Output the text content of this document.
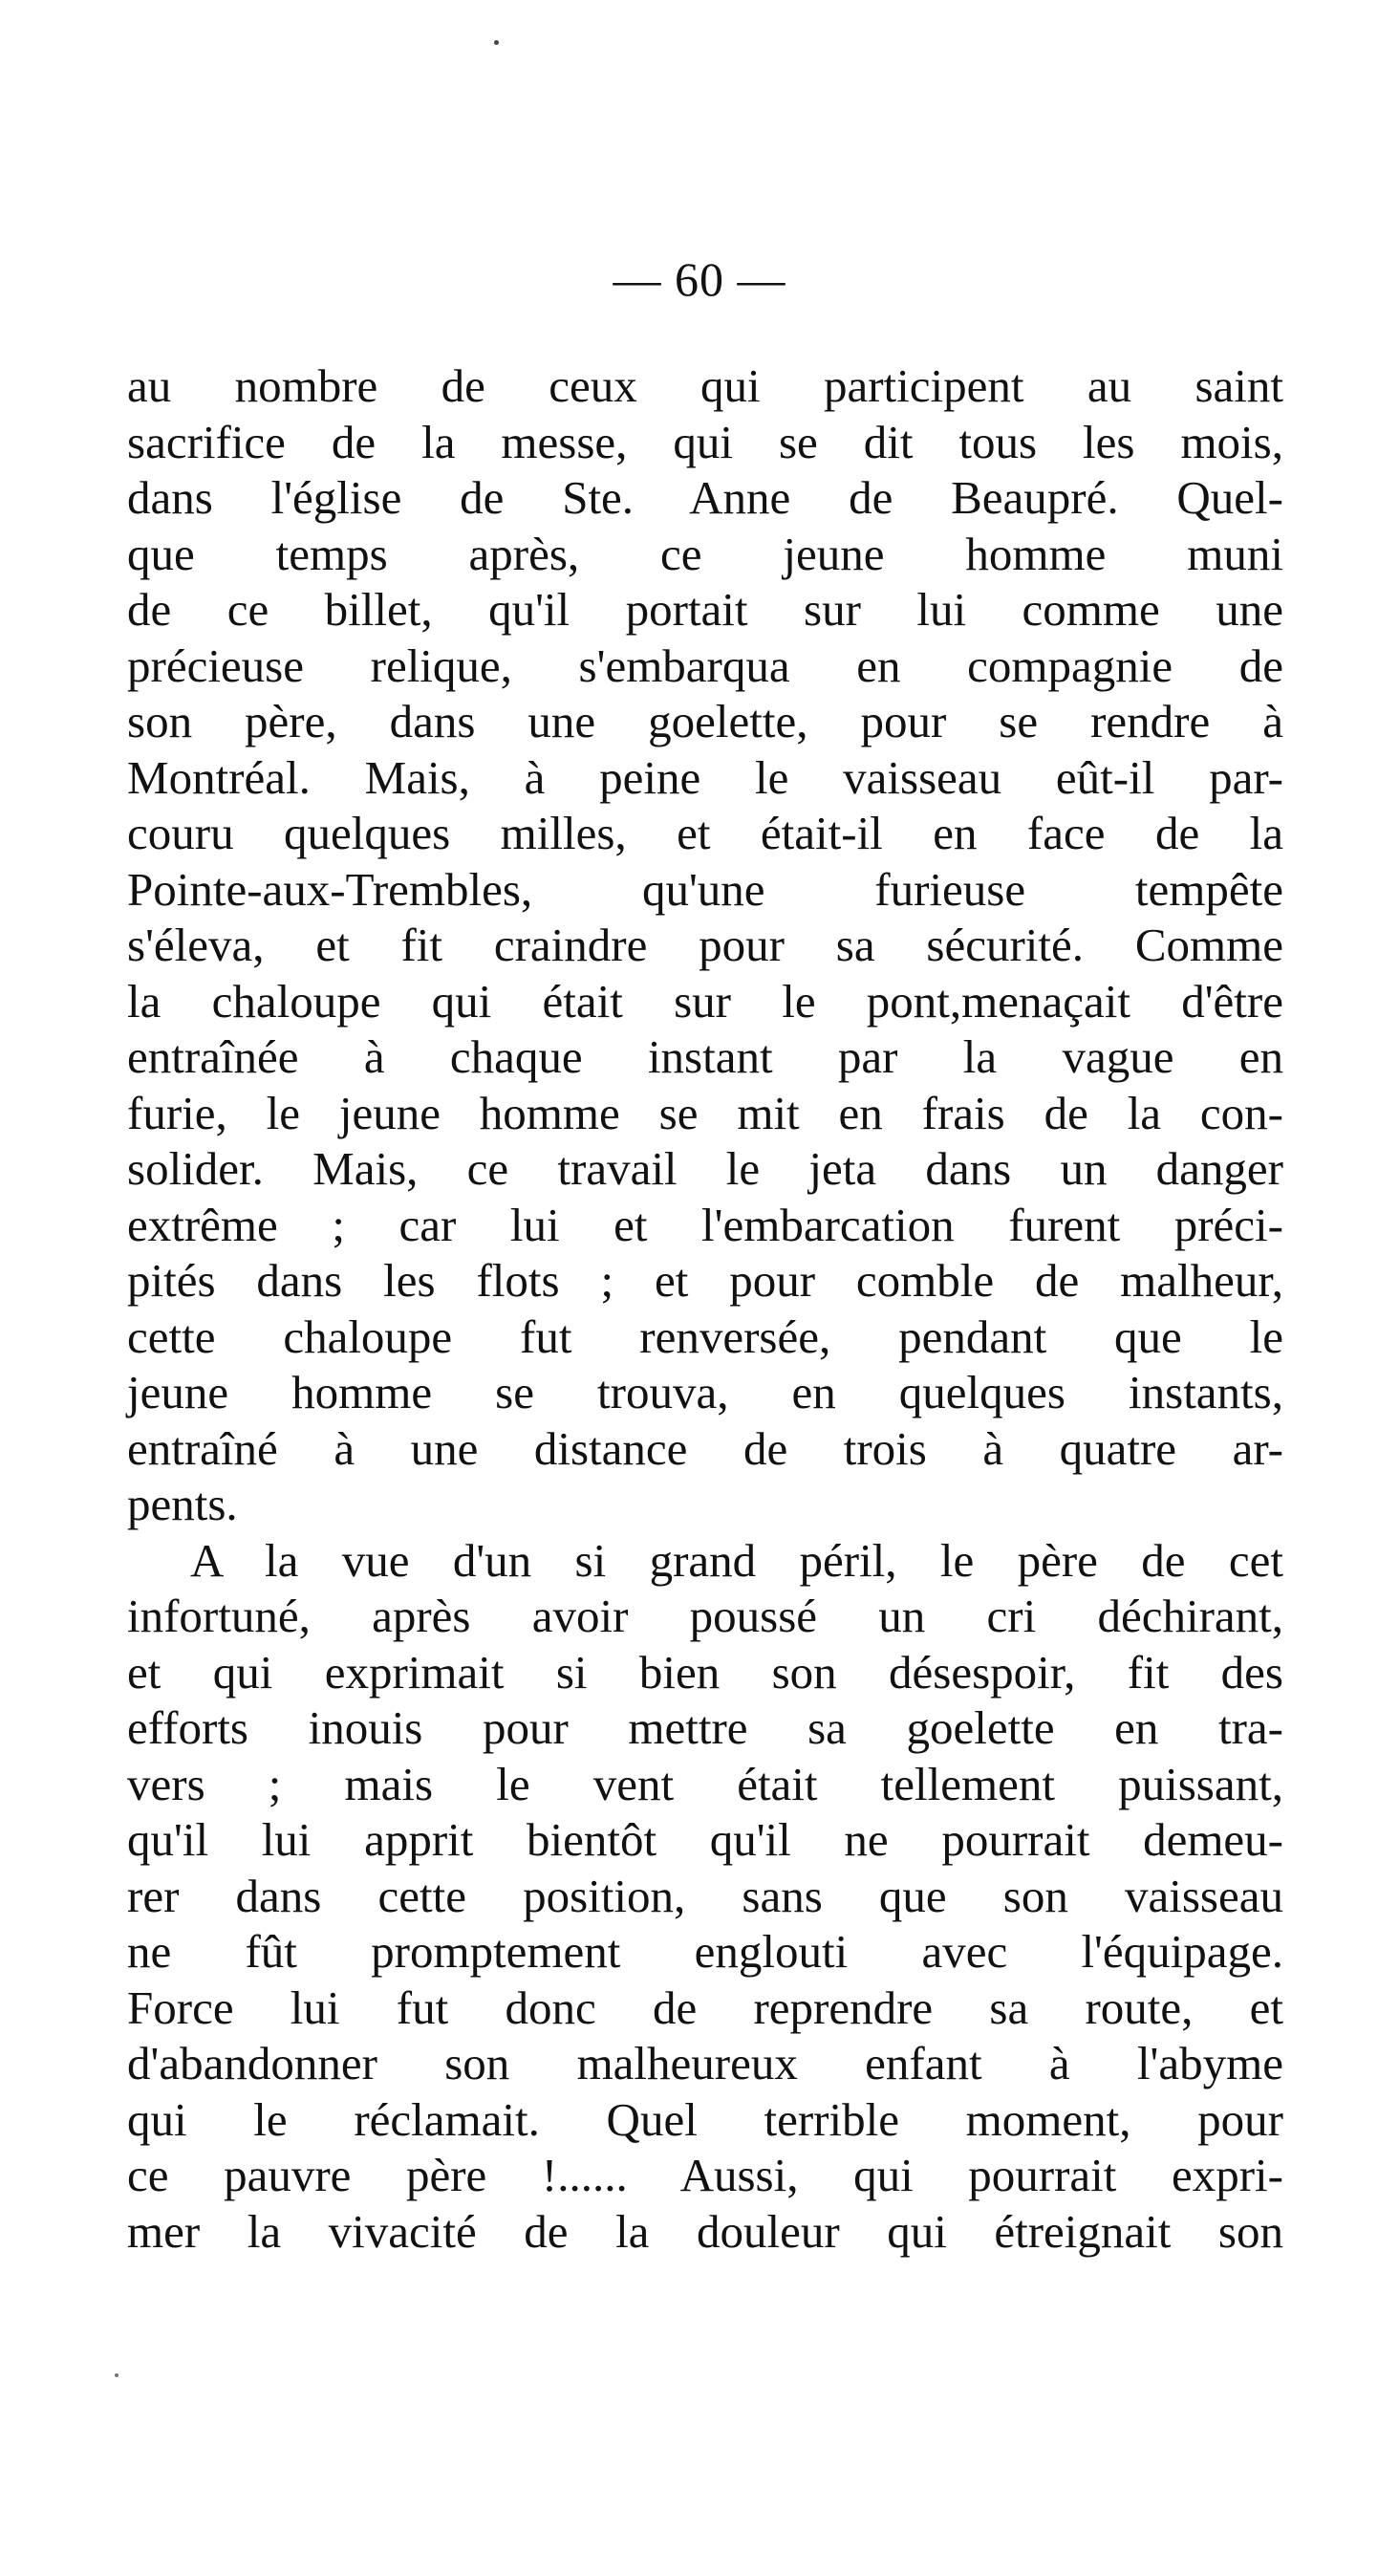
— 60 —
au nombre de ceux qui participent au saint
sacrifice de la messe, qui se dit tous les mois,
dans l'église de Ste. Anne de Beaupré. Quel-
que temps après, ce jeune homme muni
de ce billet, qu'il portait sur lui comme une
précieuse relique, s'embarqua en compagnie de
son père, dans une goelette, pour se rendre à
Montréal. Mais, à peine le vaisseau eût-il par-
couru quelques milles, et était-il en face de la
Pointe-aux-Trembles, qu'une furieuse tempête
s'éleva, et fit craindre pour sa sécurité. Comme
la chaloupe qui était sur le pont,menaçait d'être
entraînée à chaque instant par la vague en
furie, le jeune homme se mit en frais de la con-
solider. Mais, ce travail le jeta dans un danger
extrême ; car lui et l'embarcation furent préci-
pités dans les flots ; et pour comble de malheur,
cette chaloupe fut renversée, pendant que le
jeune homme se trouva, en quelques instants,
entraîné à une distance de trois à quatre ar-
pents.
A la vue d'un si grand péril, le père de cet
infortuné, après avoir poussé un cri déchirant,
et qui exprimait si bien son désespoir, fit des
efforts inouis pour mettre sa goelette en tra-
vers ; mais le vent était tellement puissant,
qu'il lui apprit bientôt qu'il ne pourrait demeu-
rer dans cette position, sans que son vaisseau
ne fût promptement englouti avec l'équipage.
Force lui fut donc de reprendre sa route, et
d'abandonner son malheureux enfant à l'abyme
qui le réclamait. Quel terrible moment, pour
ce pauvre père !...... Aussi, qui pourrait expri-
mer la vivacité de la douleur qui étreignait son
